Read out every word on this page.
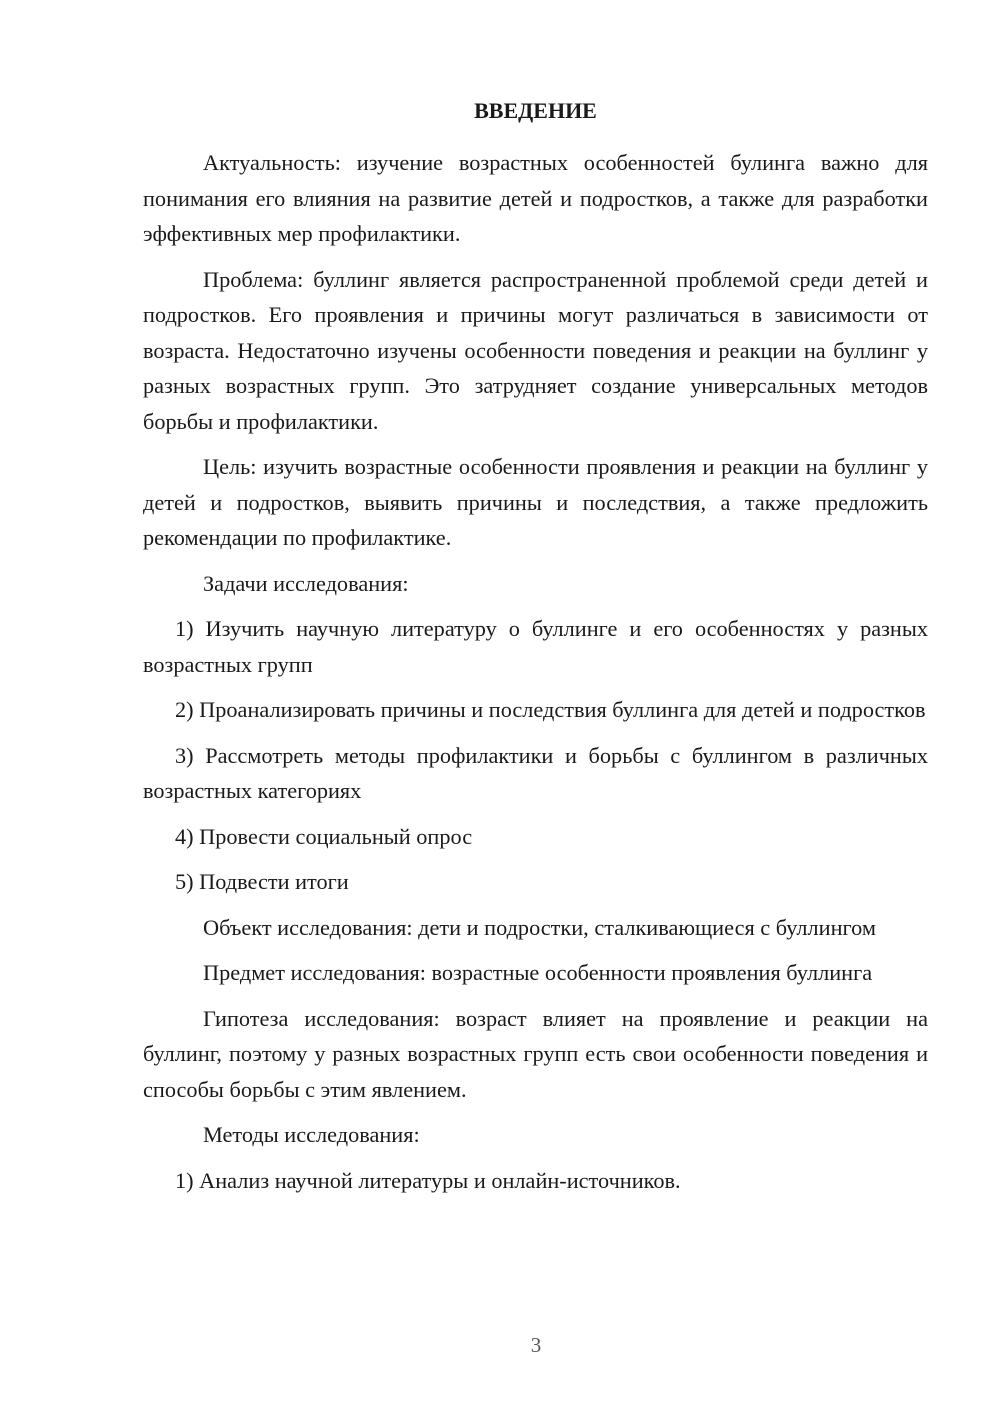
ВВЕДЕНИЕ

Актуальность: изучение возрастных особенностей булинга важно для понимания его влияния на развитие детей и подростков, а также для разработки эффективных мер профилактики.

Проблема: буллинг является распространенной проблемой среди детей и подростков. Его проявления и причины могут различаться в зависимости от возраста. Недостаточно изучены особенности поведения и реакции на буллинг у разных возрастных групп. Это затрудняет создание универсальных методов борьбы и профилактики.

Цель: изучить возрастные особенности проявления и реакции на буллинг у детей и подростков, выявить причины и последствия, а также предложить рекомендации по профилактике.

Задачи исследования:

1) Изучить научную литературу о буллинге и его особенностях у разных возрастных групп

2) Проанализировать причины и последствия буллинга для детей и подростков

3) Рассмотреть методы профилактики и борьбы с буллингом в различных возрастных категориях

4) Провести социальный опрос

5) Подвести итоги

Объект исследования: дети и подростки, сталкивающиеся с буллингом

Предмет исследования: возрастные особенности проявления буллинга

Гипотеза исследования: возраст влияет на проявление и реакции на буллинг, поэтому у разных возрастных групп есть свои особенности поведения и способы борьбы с этим явлением.

Методы исследования:

1) Анализ научной литературы и онлайн-источников.

3
